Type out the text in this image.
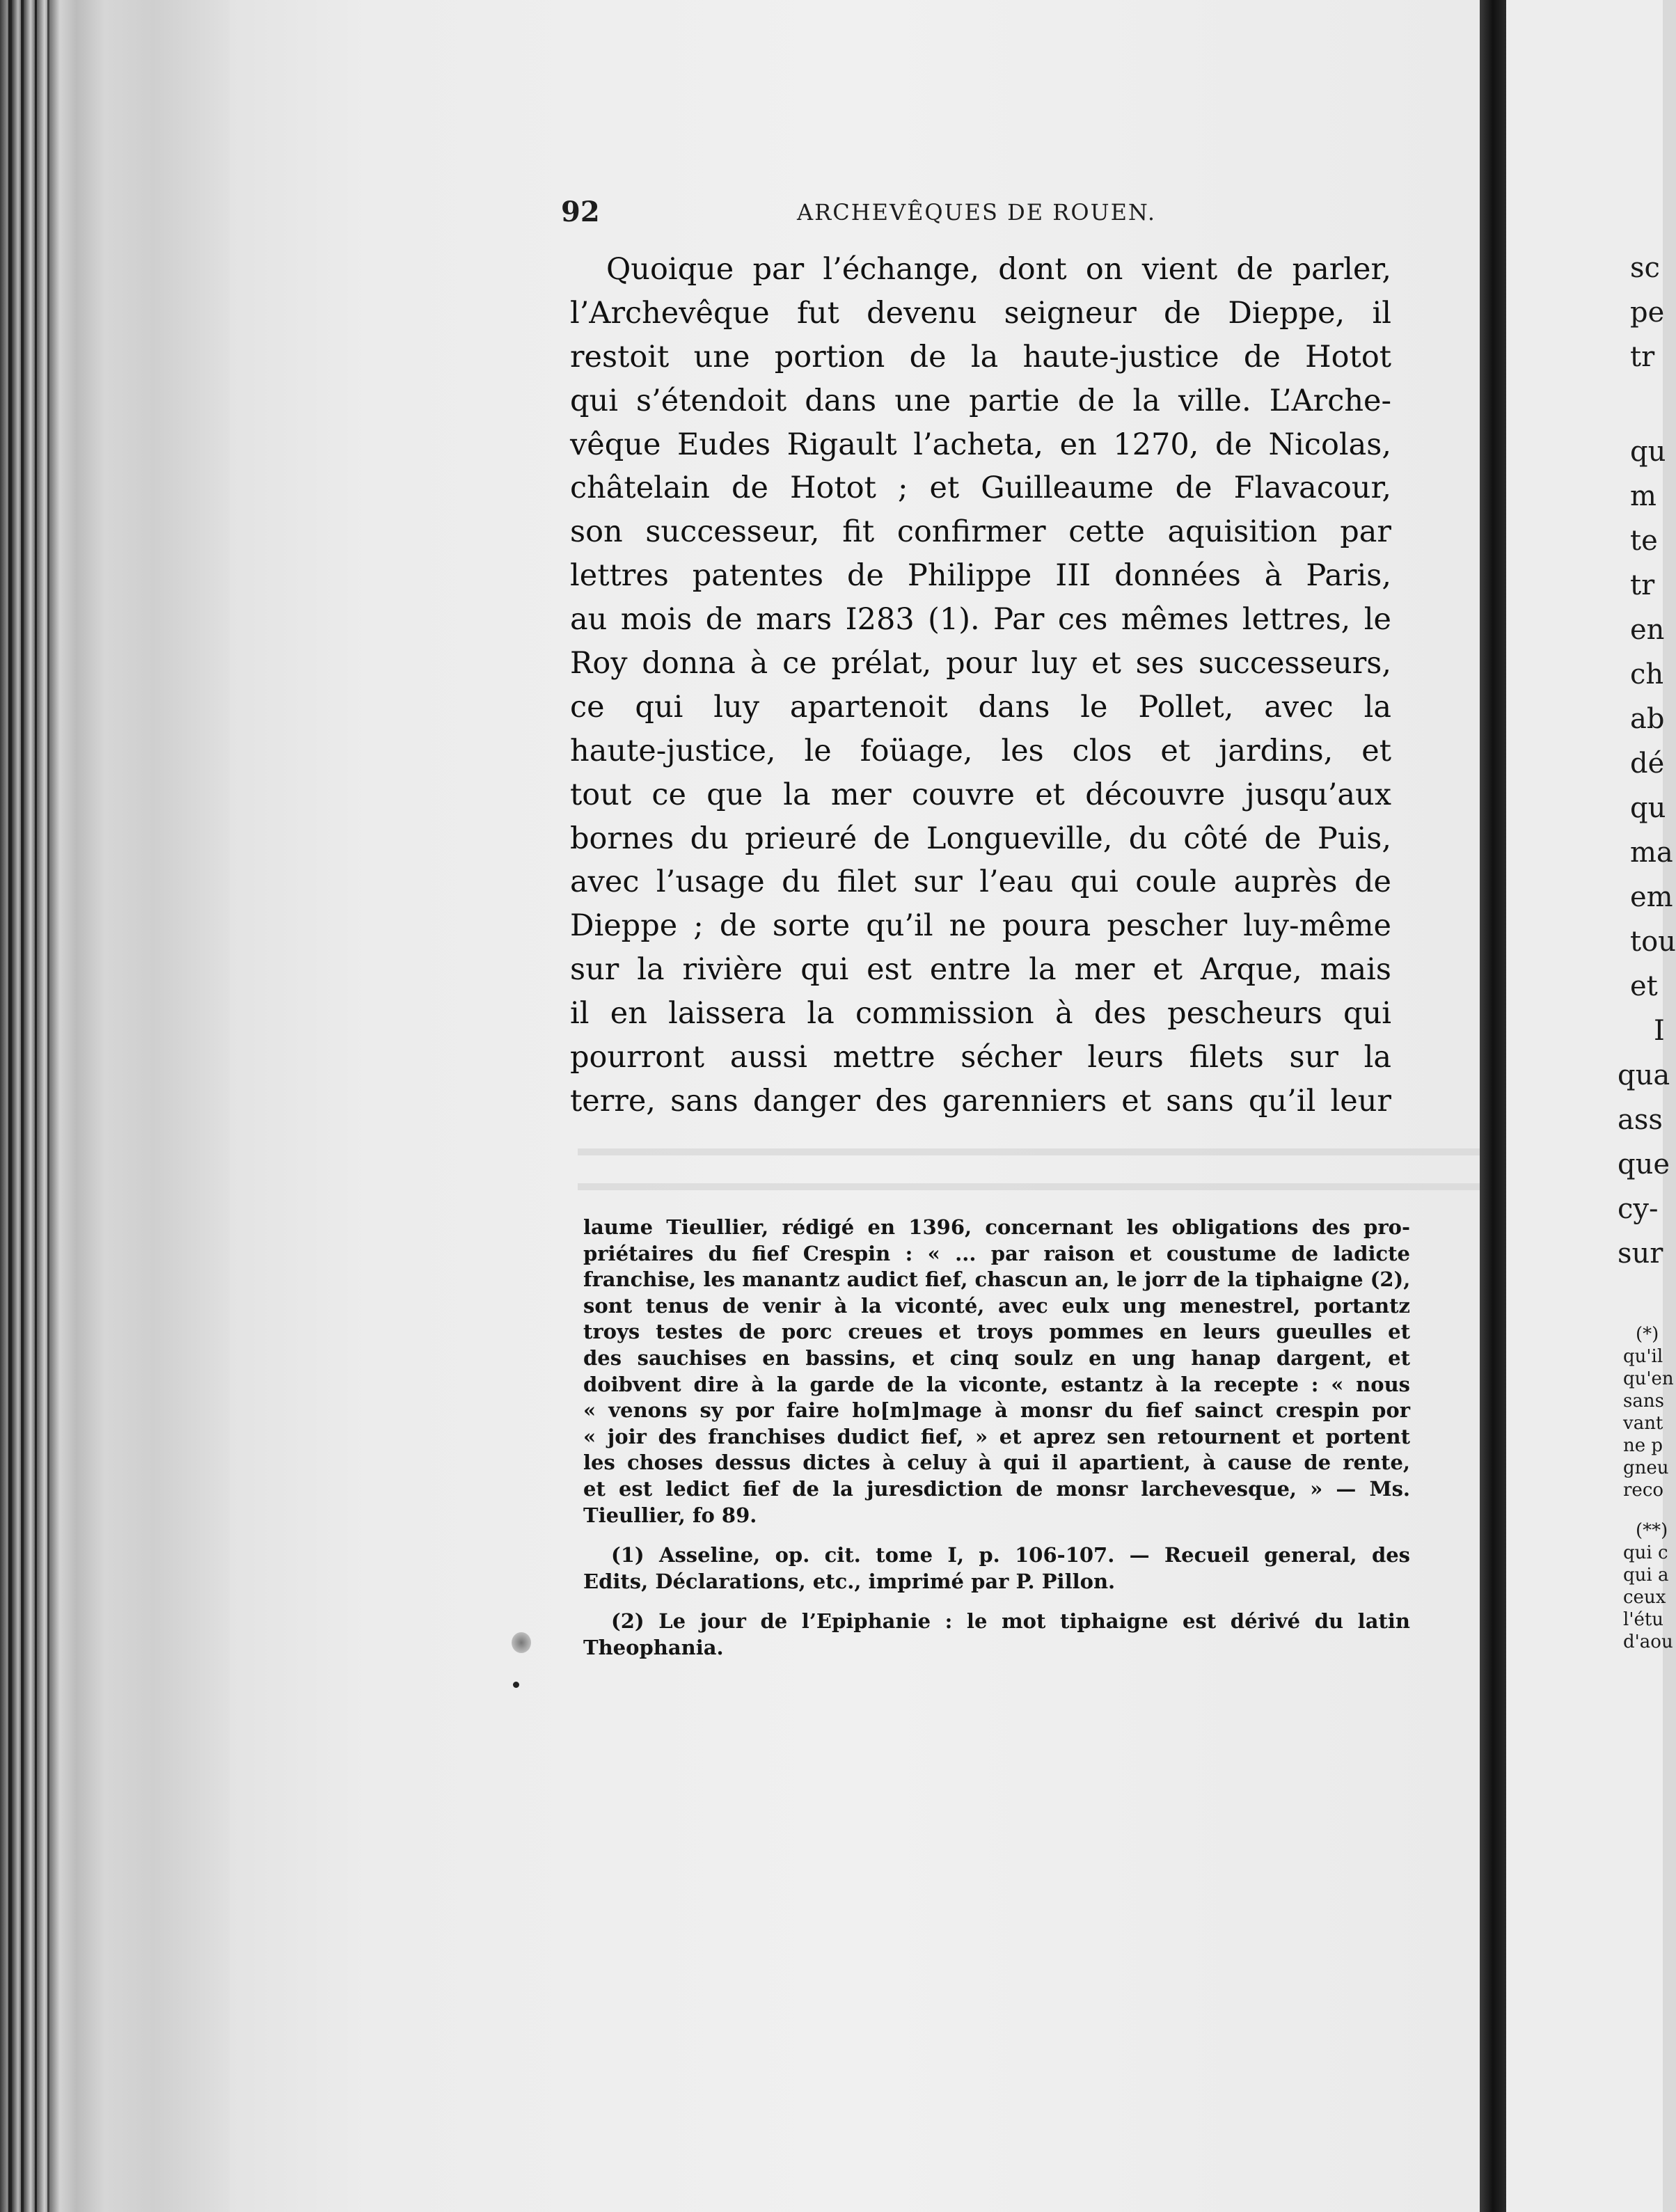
92	ARCHEVÊQUES DE ROUEN.
Quoique par l’échange, dont on vient de parler,
l’Archevêque fut devenu seigneur de Dieppe, il
restoit une portion de la haute-justice de Hotot
qui s’étendoit dans une partie de la ville. L’Arche-
vêque Eudes Rigault l’acheta, en 1270, de Nicolas,
châtelain de Hotot ; et Guilleaume de Flavacour,
son successeur, fit confirmer cette aquisition par
lettres patentes de Philippe III données à Paris,
au mois de mars I283 (1). Par ces mêmes lettres, le
Roy donna à ce prélat, pour luy et ses successeurs,
ce qui luy apartenoit dans le Pollet, avec la
haute-justice, le foüage, les clos et jardins, et
tout ce que la mer couvre et découvre jusqu’aux
bornes du prieuré de Longueville, du côté de Puis,
avec l’usage du filet sur l’eau qui coule auprès de
Dieppe ; de sorte qu’il ne poura pescher luy-même
sur la rivière qui est entre la mer et Arque, mais
il en laissera la commission à des pescheurs qui
pourront aussi mettre sécher leurs filets sur la
terre, sans danger des garenniers et sans qu’il leur
laume Tieullier, rédigé en 1396, concernant les obligations des pro-
priétaires du fief Crespin : « ... par raison et coustume de ladicte
franchise, les manantz audict fief, chascun an, le jorr de la tiphaigne (2),
sont tenus de venir à la viconté, avec eulx ung menestrel, portantz
troys testes de porc creues et troys pommes en leurs gueulles et
des sauchises en bassins, et cinq soulz en ung hanap dargent, et
doibvent dire à la garde de la viconte, estantz à la recepte : « nous
« venons sy por faire ho[m]mage à monsr du fief sainct crespin por
« joir des franchises dudict fief, » et aprez sen retournent et portent
les choses dessus dictes à celuy à qui il apartient, à cause de rente,
et est ledict fief de la juresdiction de monsr larchevesque, » — Ms.
Tieullier, fo 89.
(1) Asseline, op. cit. tome I, p. 106-107. — Recueil general, des
Edits, Déclarations, etc., imprimé par P. Pillon.
(2) Le jour de l’Epiphanie : le mot tiphaigne est dérivé du latin
Theophania.
sc
pe
tr
qu
m
te
tr
en
ch
ab
dé
qu
ma
em
tou
et
I
qua
ass
que
cy-
sur
(*)
qu'il
qu'en
sans
vant
ne p
gneu
reco
(**)
qui c
qui a
ceux
l'étu
d'aou
